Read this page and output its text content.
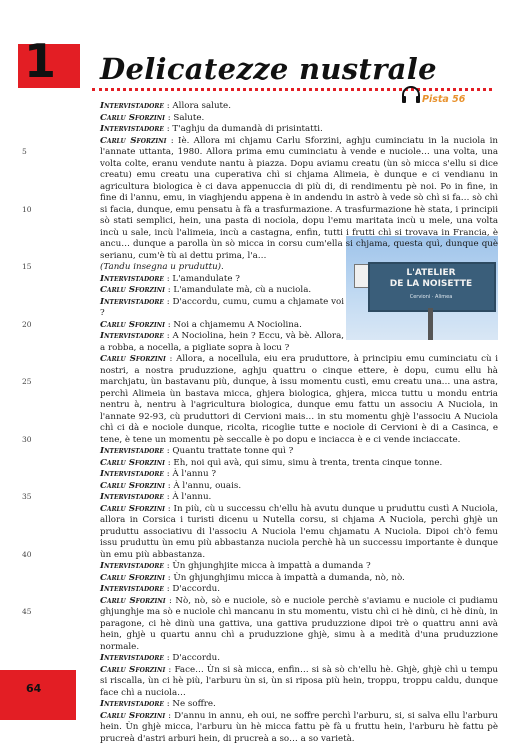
1 Delicatezze nustrale
Pista 56
L'ATELIER
DE LA NOISETTE
Cervioni · Alimea
5
10
15
20
25
30
35
40
45

Intervistadore : Allora salute.

Carlu Sforzini : Salute.

Intervistadore : T'aghju da dumandà di prisintatti.

Carlu Sforzini : Iè. Allora mi chjamu Carlu Sforzini, aghju cuminciatu in la nuciola in l'annate uttanta, 1980. Allora prima emu cuminciatu à vende e nuciole… una volta, una volta colte, eranu vendute nantu à piazza. Dopu aviamu creatu (ùn sò micca s'ellu si dice creatu) emu creatu una cuperativa chì si chjama Alimeia, è dunque e ci vendianu in agricultura biologica è ci dava appenuccia di più di, di rendimentu pè noi. Po in fine, in fine di l'annu, emu, in viaghjendu appena è in andendu in astrò à vede sò chì si fa… sò chì si facia, dunque, emu pensatu à fà a trasfurmazione. A trasfurmazione hè stata, i principii sò stati semplici, hein, una pasta di nociola, dopu l'emu maritata incù u mele, una volta incù u sale, incù l'alimeia, incù a castagna, enfin, tutti i frutti chì si trovava in Francia, è ancu… dunque a parolla ùn sò micca in corsu cum'ella si chjama, questa quì, dunque què serianu, cum'è tù ai dettu prima, l'a…

(Tandu insegna u pruduttu).

Intervistadore : L'amandulate ?

Carlu Sforzini : L'amandulate mà, cù a nuciola.

Intervistadore : D'accordu, cumu, cumu a chjamate voi ?

Carlu Sforzini : Noi a chjamemu A Nociolina.

Intervistadore : A Nociolina, hein ? Eccu, và bè. Allora, a robba, a nocella, a pigliate sopra à locu ?

Carlu Sforzini : Allora, a nocellula, eiu era pruduttore, à principiu emu cuminciatu cù i nostri, a nostra pruduzzione, aghju quattru o cinque ettere, è dopu, cumu ellu hà marchjatu, ùn bastavanu più, dunque, à issu momentu custì, emu creatu una… una astra, perchì Alimeia ùn bastava micca, ghjera biologica, ghjera, micca tuttu u mondu entria nentru à, nentru à l'agricultura biologica, dunque emu fattu un associu A Nuciola, in l'annate 92-93, cù pruduttori di Cervioni mais… in stu momentu ghjè l'associu A Nuciola chì ci dà e nociole dunque, ricolta, ricoglie tutte e nociole di Cervioni è di a Casinca, e tene, è tene un momentu pè seccalle è po dopu e inciacca è e ci vende inciaccate.

Intervistadore : Quantu trattate tonne quì ?

Carlu Sforzini : Eh, noi quì avà, qui simu, simu à trenta, trenta cinque tonne.

Intervistadore : À l'annu ?

Carlu Sforzini : À l'annu, ouais.

Intervistadore : À l'annu.

Carlu Sforzini : In più, cù u successu ch'ellu hà avutu dunque u pruduttu custì A Nuciola, allora in Corsica i turisti dicenu u Nutella corsu, si chjama A Nuciola, perchì ghjè un pruduttu associativu di l'associu A Nuciola l'emu chjamatu A Nuciola. Dipoi ch'ò femu issu pruduttu ùn emu più abbastanza nuciola perchè hà un successu importante è dunque ùn emu più abbastanza.

Intervistadore : Ùn ghjunghjite micca à impattà a dumanda ?

Carlu Sforzini : Ùn ghjunghjimu micca à impattà a dumanda, nò, nò.

Intervistadore : D'accordu.

Carlu Sforzini : Nò, nò, sò e nuciole, sò e nuciole perchè s'aviamu e nuciole ci pudiamu ghjunghje ma sò e nuciole chì mancanu in stu momentu, vistu chì ci hè dinù, ci hè dinù, in paragone, ci hè dinù una gattiva, una gattiva pruduzzione dipoi trè o quattru anni avà hein, ghjè u quartu annu chì a pruduzzione ghjè, simu à a medità d'una pruduzzione normale.

Intervistadore : D'accordu.

Carlu Sforzini : Face… Ùn si sà micca, enfin… si sà sò ch'ellu hè. Ghjè, ghjè chì u tempu si riscalla, ùn ci hè più, l'arburu ùn si, ùn si riposa più hein, troppu, troppu caldu, dunque face chì a nuciola…

Intervistadore : Ne soffre.

Carlu Sforzini : D'annu in annu, eh oui, ne soffre perchì l'arburu, si, si salva ellu l'arburu hein. Ùn ghjè micca, l'arburu ùn hè micca fattu pè fà u fruttu hein, l'arburu hè fattu pè prucreà d'astri arburi hein, di prucreà a so… a so varietà.

64
